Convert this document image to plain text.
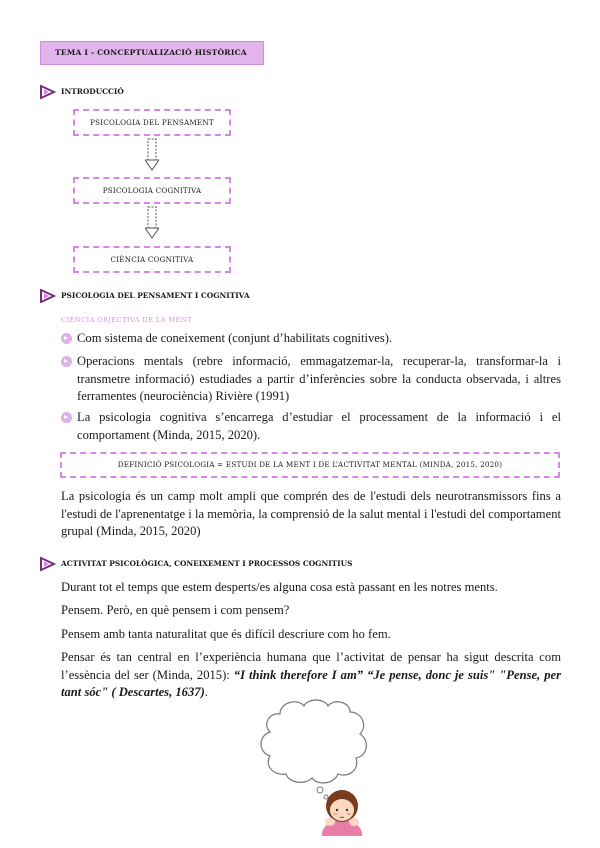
TEMA I - CONCEPTUALIZACIÓ HISTÒRICA
INTRODUCCIÓ
PSICOLOGIA DEL PENSAMENT
PSICOLOGIA COGNITIVA
CIÈNCIA COGNITIVA
PSICOLOGIA DEL PENSAMENT I COGNITIVA
CIÈNCIA OBJECTIVA DE LA MENT
Com sistema de coneixement (conjunt d’habilitats cognitives).
Operacions mentals (rebre informació, emmagatzemar-la, recuperar-la, transformar-la i transmetre informació) estudiades a partir d’inferències sobre la conducta observada, i altres ferramentes (neurociència) Rivière (1991)
La psicologia cognitiva s’encarrega d’estudiar el processament de la informació i el comportament (Minda, 2015, 2020).
DEFINICIÓ PSICOLOGIA = ESTUDI DE LA MENT I DE L’ACTIVITAT MENTAL (MINDA, 2015, 2020)
La psicologia és un camp molt ampli que comprén des de l'estudi dels neurotransmissors fins a l'estudi de l'aprenentatge i la memòria, la comprensió de la salut mental i l'estudi del comportament grupal (Minda, 2015, 2020)
ACTIVITAT PSICOLÒGICA, CONEIXEMENT I PROCESSOS COGNITIUS
Durant tot el temps que estem desperts/es alguna cosa està passant en les notres ments.
Pensem. Però, en què pensem i com pensem?
Pensem amb tanta naturalitat que és difícil descriure com ho fem.
Pensar és tan central en l’experiència humana que l’activitat de pensar ha sigut descrita com l’essència del ser (Minda, 2015): “I think therefore I am” “Je pense, donc je suis" "Pense, per tant sóc" ( Descartes, 1637).
